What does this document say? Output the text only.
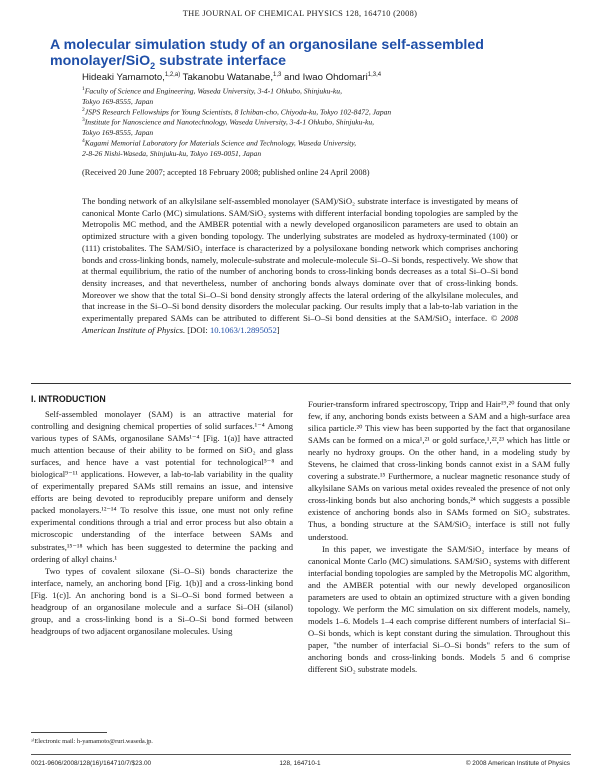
THE JOURNAL OF CHEMICAL PHYSICS 128, 164710 (2008)
A molecular simulation study of an organosilane self-assembled
monolayer/SiO$_2$ substrate interface
Hideaki Yamamoto,$^{1,2,a)}$ Takanobu Watanabe,$^{1,3}$ and Iwao Ohdomari$^{1,3,4}$
$^1$Faculty of Science and Engineering, Waseda University, 3-4-1 Ohkubo, Shinjuku-ku,
Tokyo 169-8555, Japan
$^2$JSPS Research Fellowships for Young Scientists, 8 Ichiban-cho, Chiyoda-ku, Tokyo 102-8472, Japan
$^3$Institute for Nanoscience and Nanotechnology, Waseda University, 3-4-1 Ohkubo, Shinjuku-ku,
Tokyo 169-8555, Japan
$^4$Kagami Memorial Laboratory for Materials Science and Technology, Waseda University,
2-8-26 Nishi-Waseda, Shinjuku-ku, Tokyo 169-0051, Japan
(Received 20 June 2007; accepted 18 February 2008; published online 24 April 2008)
The bonding network of an alkylsilane self-assembled monolayer (SAM)/SiO₂ substrate interface is investigated by means of canonical Monte Carlo (MC) simulations. SAM/SiO₂ systems with different interfacial bonding topologies are sampled by the Metropolis MC method, and the AMBER potential with a newly developed organosilicon parameters are used to obtain an optimized structure with a given bonding topology. The underlying substrates are modeled as hydroxy-terminated (100) or (111) cristobalites. The SAM/SiO₂ interface is characterized by a polysiloxane bonding network which comprises anchoring bonds and cross-linking bonds, namely, molecule-substrate and molecule-molecule Si–O–Si bonds, respectively. We show that at thermal equilibrium, the ratio of the number of anchoring bonds to cross-linking bonds decreases as a total Si–O–Si bond density increases, and that nevertheless, number of anchoring bonds always dominate over that of cross-linking bonds. Moreover we show that the total Si–O–Si bond density strongly affects the lateral ordering of the alkylsilane molecules, and that increase in the Si–O–Si bond density disorders the molecular packing. Our results imply that a lab-to-lab variation in the experimentally prepared SAMs can be attributed to different Si–O–Si bond densities at the SAM/SiO₂ interface. © 2008 American Institute of Physics. [DOI: 10.1063/1.2895052]
I. INTRODUCTION

Self-assembled monolayer (SAM) is an attractive material for controlling and designing chemical properties of solid surfaces.¹⁻⁴ Among various types of SAMs, organosilane SAMs¹⁻⁴ [Fig. 1(a)] have attracted much attention because of their ability to be formed on SiO₂ and glass surfaces, and hence have a vast potential for technological⁵⁻⁸ and biological⁹⁻¹¹ applications. However, a lab-to-lab variability in the quality of experimentally prepared SAMs still remains an issue, and intensive efforts are being devoted to reproducibly prepare uniform and densely packed monolayers.¹²⁻¹⁴ To resolve this issue, one must not only refine experimental conditions through a trial and error process but also obtain a microscopic understanding of the interface between SAMs and substrates,¹⁵⁻¹⁸ which has been suggested to determine the packing and ordering of alkyl chains.¹

Two types of covalent siloxane (Si–O–Si) bonds characterize the interface, namely, an anchoring bond [Fig. 1(b)] and a cross-linking bond [Fig. 1(c)]. An anchoring bond is a Si–O–Si bond formed between a headgroup of an organosilane molecule and a surface Si–OH (silanol) group, and a cross-linking bond is a Si–O–Si bond formed between headgroups of two adjacent organosilane molecules. Using

Fourier-transform infrared spectroscopy, Tripp and Hair¹⁹,²⁰ found that only few, if any, anchoring bonds exists between a SAM and a high-surface area silica particle.²⁰ This view has been supported by the fact that organosilane SAMs can be formed on a mica¹,²¹ or gold surface,¹,²²,²³ which has little or nearly no hydroxy groups. On the other hand, in a modeling study by Stevens, he claimed that cross-linking bonds cannot exist in a SAM fully covering a substrate.¹⁵ Furthermore, a nuclear magnetic resonance study of alkylsilane SAMs on various metal oxides revealed the presence of not only cross-linking bonds but also anchoring bonds,²⁴ which suggests a possible existence of anchoring bonds also in SAMs formed on SiO₂ substrates. Thus, a bonding structure at the SAM/SiO₂ interface is still not fully understood.

In this paper, we investigate the SAM/SiO₂ interface by means of canonical Monte Carlo (MC) simulations. SAM/SiO₂ systems with different interfacial bonding topologies are sampled by the Metropolis MC algorithm, and the AMBER potential with our newly developed organosilicon parameters are used to obtain an optimized structure with a given bonding topology. We perform the MC simulation on six different models, namely, models 1–6. Models 1–4 each comprise different numbers of interfacial Si–O–Si bonds, which is kept constant during the simulation. Throughout this paper, "the number of interfacial Si–O–Si bonds" refers to the sum of anchoring bonds and cross-linking bonds. Models 5 and 6 comprise different SiO₂ substrate models.

ᵃ⁾Electronic mail: h-yamamoto@ruri.waseda.jp.
0021-9606/2008/128(16)/164710/7/$23.00	128, 164710-1	© 2008 American Institute of Physics
